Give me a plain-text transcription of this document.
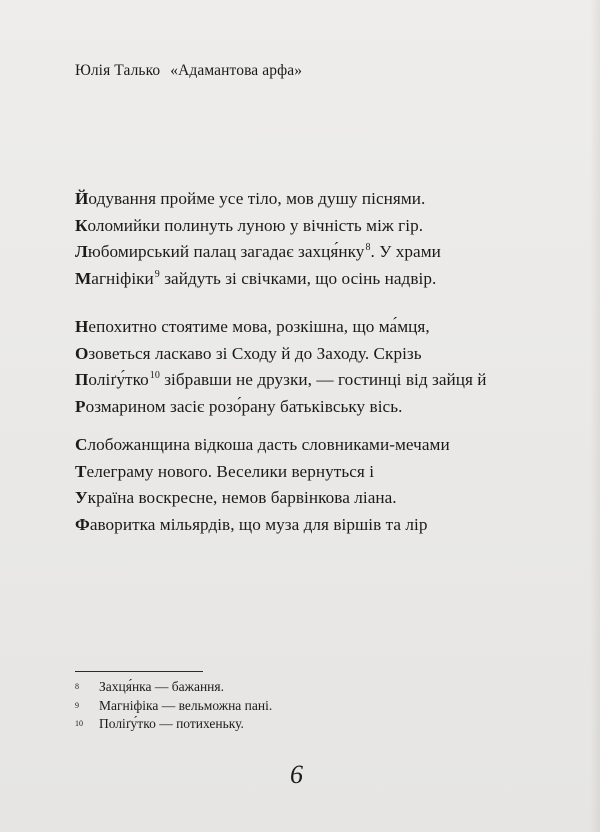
Юлія Талько «Адамантова арфа»
Йодування пройме усе тіло, мов душу піснями.
Коломийки полинуть луною у вічність між гір.
Любомирський палац загадає захця́нку$^8$. У храми
Магніфіки$^9$ зайдуть зі свічками, що осінь надвір.
Непохитно стоятиме мова, розкішна, що ма́мця,
Озоветься ласкаво зі Сходу й до Заходу. Скрізь
Поліґу́тко$^{10}$ зібравши не друзки, — гостинці від зайця й
Розмарином засіє розо́рану батьківську вісь.
Слобожанщина відкоша дасть словниками-мечами
Телеграму нового. Веселики вернуться і
Україна воскресне, немов барвінкова ліана.
Фаворитка мільярдів, що муза для віршів та лір
8 Захця́нка — бажання.
9 Магніфіка — вельможна пані.
10 Поліґу́тко — потихеньку.
6
